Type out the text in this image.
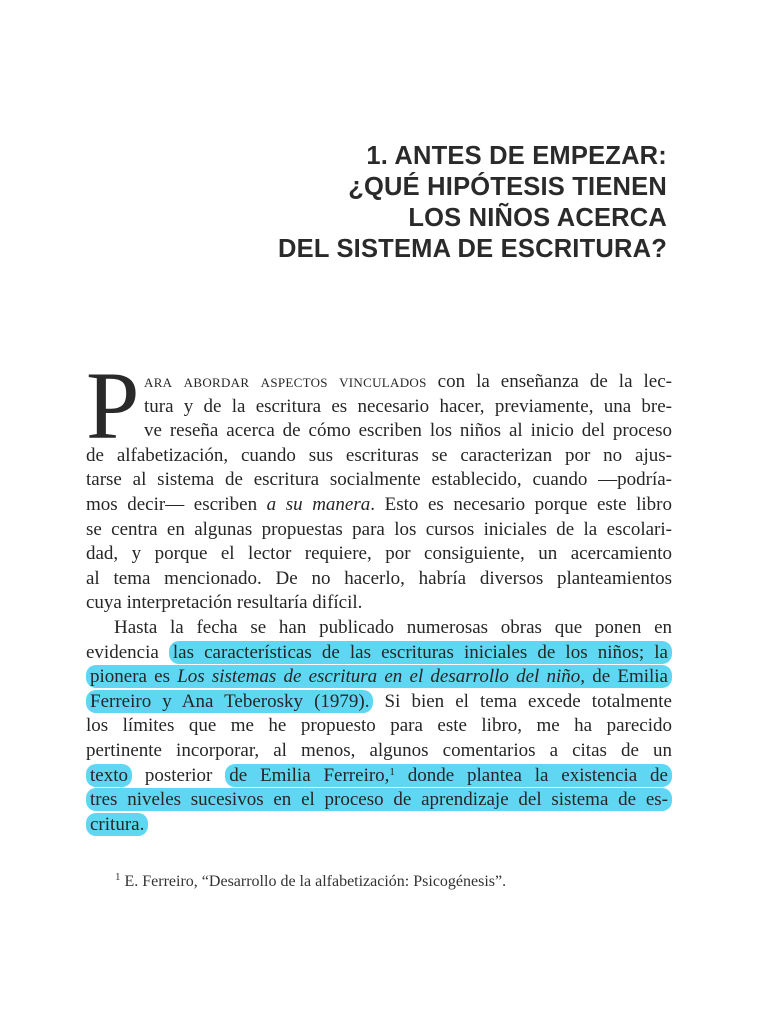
1. ANTES DE EMPEZAR:
¿QUÉ HIPÓTESIS TIENEN
LOS NIÑOS ACERCA
DEL SISTEMA DE ESCRITURA?
P ara abordar aspectos vinculados con la enseñanza de la lec-
tura y de la escritura es necesario hacer, previamente, una bre-
ve reseña acerca de cómo escriben los niños al inicio del proceso
de alfabetización, cuando sus escrituras se caracterizan por no ajus-
tarse al sistema de escritura socialmente establecido, cuando —podría-
mos decir— escriben a su manera. Esto es necesario porque este libro
se centra en algunas propuestas para los cursos iniciales de la escolari-
dad, y porque el lector requiere, por consiguiente, un acercamiento
al tema mencionado. De no hacerlo, habría diversos planteamientos
cuya interpretación resultaría difícil.
Hasta la fecha se han publicado numerosas obras que ponen en
evidencia las características de las escrituras iniciales de los niños; la
pionera es Los sistemas de escritura en el desarrollo del niño, de Emilia
Ferreiro y Ana Teberosky (1979). Si bien el tema excede totalmente
los límites que me he propuesto para este libro, me ha parecido
pertinente incorporar, al menos, algunos comentarios a citas de un
texto posterior de Emilia Ferreiro,$^1$ donde plantea la existencia de
tres niveles sucesivos en el proceso de aprendizaje del sistema de es-
critura.
$^1$ E. Ferreiro, “Desarrollo de la alfabetización: Psicogénesis”.
